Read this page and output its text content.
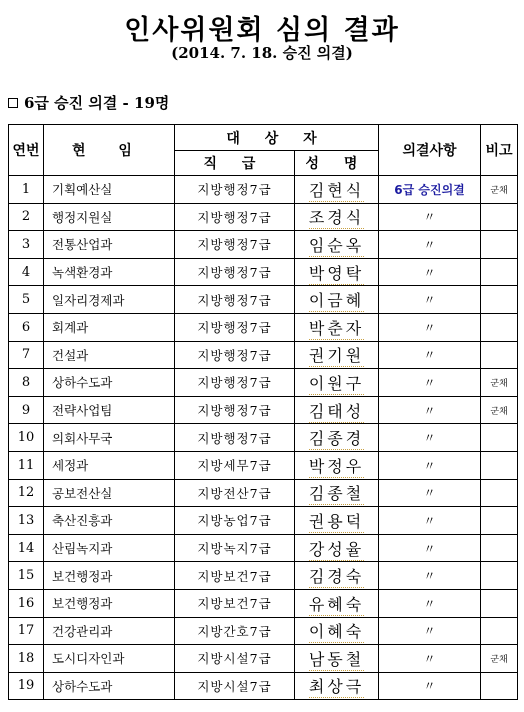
인사위원회 심의 결과
(2014. 7. 18. 승진 의결)
6급 승진 의결 - 19명
연번	현 임	대 상 자		의결사항	비고
		직 급	성 명		
1	기획예산실	지방행정7급	김현식	6급 승진의결	군채
2	행정지원실	지방행정7급	조경식	〃	
3	전통산업과	지방행정7급	임순옥	〃	
4	녹색환경과	지방행정7급	박영탁	〃	
5	일자리경제과	지방행정7급	이금혜	〃	
6	회계과	지방행정7급	박춘자	〃	
7	건설과	지방행정7급	권기원	〃	
8	상하수도과	지방행정7급	이원구	〃	군채
9	전략사업팀	지방행정7급	김태성	〃	군채
10	의회사무국	지방행정7급	김종경	〃	
11	세정과	지방세무7급	박정우	〃	
12	공보전산실	지방전산7급	김종철	〃	
13	축산진흥과	지방농업7급	권용덕	〃	
14	산림녹지과	지방녹지7급	강성율	〃	
15	보건행정과	지방보건7급	김경숙	〃	
16	보건행정과	지방보건7급	유혜숙	〃	
17	건강관리과	지방간호7급	이혜숙	〃	
18	도시디자인과	지방시설7급	남동철	〃	군채
19	상하수도과	지방시설7급	최상극	〃	
